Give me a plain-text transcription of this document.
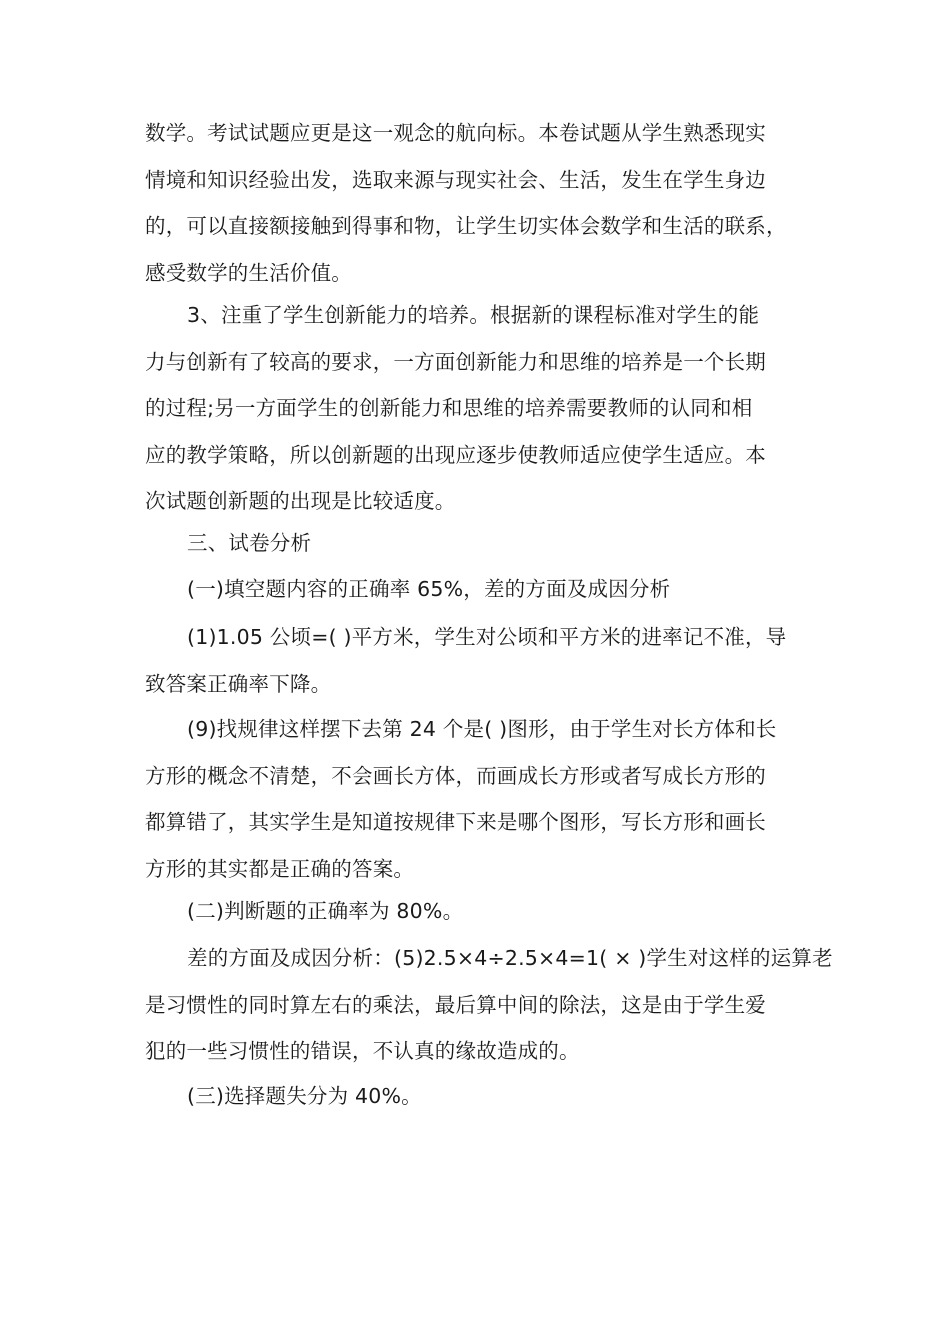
数学。考试试题应更是这一观念的航向标。本卷试题从学生熟悉现实
情境和知识经验出发，选取来源与现实社会、生活，发生在学生身边
的，可以直接额接触到得事和物，让学生切实体会数学和生活的联系，
感受数学的生活价值。
3、注重了学生创新能力的培养。根据新的课程标准对学生的能
力与创新有了较高的要求，一方面创新能力和思维的培养是一个长期
的过程;另一方面学生的创新能力和思维的培养需要教师的认同和相
应的教学策略，所以创新题的出现应逐步使教师适应使学生适应。本
次试题创新题的出现是比较适度。
三、试卷分析
(一)填空题内容的正确率 65%，差的方面及成因分析
(1)1.05 公顷=( )平方米，学生对公顷和平方米的进率记不准，导
致答案正确率下降。
(9)找规律这样摆下去第 24 个是( )图形，由于学生对长方体和长
方形的概念不清楚，不会画长方体，而画成长方形或者写成长方形的
都算错了，其实学生是知道按规律下来是哪个图形，写长方形和画长
方形的其实都是正确的答案。
(二)判断题的正确率为 80%。
差的方面及成因分析：(5)2.5×4÷2.5×4=1( × )学生对这样的运算老
是习惯性的同时算左右的乘法，最后算中间的除法，这是由于学生爱
犯的一些习惯性的错误，不认真的缘故造成的。
(三)选择题失分为 40%。
